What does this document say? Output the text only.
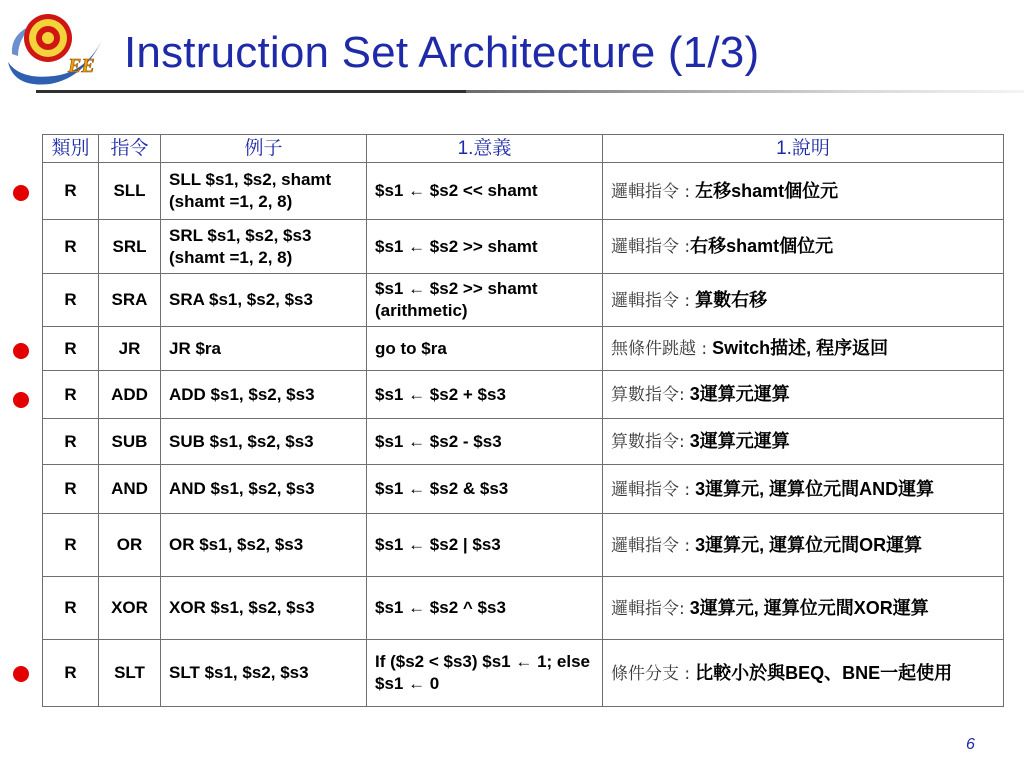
EE Instruction Set Architecture (1/3)
類別	指令	例子	1.意義	1.說明
R	SLL	SLL $s1, $s2, shamt (shamt =1, 2, 8)	$s1 ← $s2 << shamt	邏輯指令 : 左移shamt個位元
R	SRL	SRL $s1, $s2, $s3 (shamt =1, 2, 8)	$s1 ← $s2 >> shamt	邏輯指令 :右移shamt個位元
R	SRA	SRA $s1, $s2, $s3	$s1 ← $s2 >> shamt (arithmetic)	邏輯指令 : 算數右移
R	JR	JR $ra	go to $ra	無條件跳越 : Switch描述, 程序返回
R	ADD	ADD $s1, $s2, $s3	$s1 ← $s2 + $s3	算數指令: 3運算元運算
R	SUB	SUB $s1, $s2, $s3	$s1 ← $s2 - $s3	算數指令: 3運算元運算
R	AND	AND $s1, $s2, $s3	$s1 ← $s2 & $s3	邏輯指令 : 3運算元, 運算位元間AND運算
R	OR	OR $s1, $s2, $s3	$s1 ← $s2 | $s3	邏輯指令 : 3運算元, 運算位元間OR運算
R	XOR	XOR $s1, $s2, $s3	$s1 ← $s2 ^ $s3	邏輯指令: 3運算元, 運算位元間XOR運算
R	SLT	SLT $s1, $s2, $s3	If ($s2 < $s3) $s1 ← 1; else $s1 ← 0	條件分支 : 比較小於與BEQ、BNE一起使用
6
